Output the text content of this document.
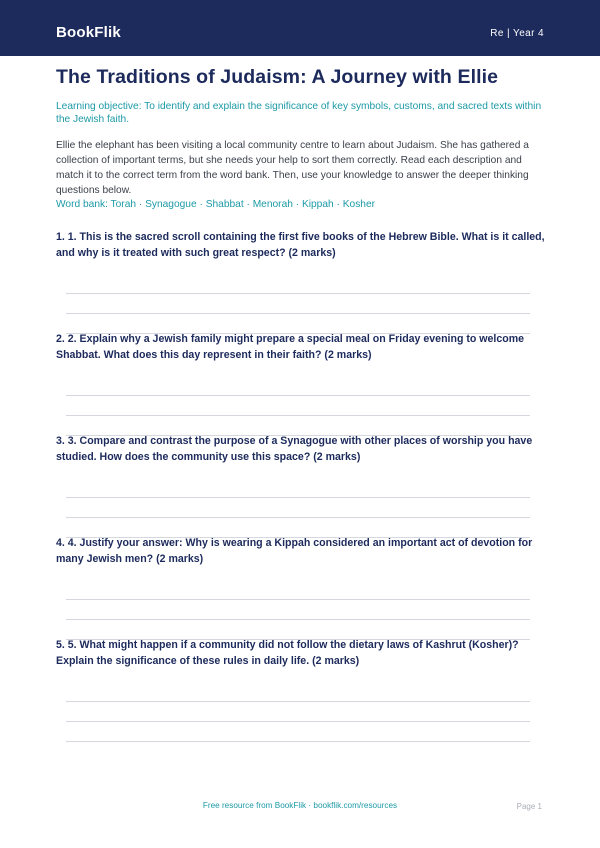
BookFlik	Re | Year 4
The Traditions of Judaism: A Journey with Ellie
Learning objective: To identify and explain the significance of key symbols, customs, and sacred texts within the Jewish faith.
Ellie the elephant has been visiting a local community centre to learn about Judaism. She has gathered a collection of important terms, but she needs your help to sort them correctly. Read each description and match it to the correct term from the word bank. Then, use your knowledge to answer the deeper thinking questions below.
Word bank: Torah · Synagogue · Shabbat · Menorah · Kippah · Kosher
1. 1. This is the sacred scroll containing the first five books of the Hebrew Bible. What is it called, and why is it treated with such great respect? (2 marks)
2. 2. Explain why a Jewish family might prepare a special meal on Friday evening to welcome Shabbat. What does this day represent in their faith? (2 marks)
3. 3. Compare and contrast the purpose of a Synagogue with other places of worship you have studied. How does the community use this space? (2 marks)
4. 4. Justify your answer: Why is wearing a Kippah considered an important act of devotion for many Jewish men? (2 marks)
5. 5. What might happen if a community did not follow the dietary laws of Kashrut (Kosher)? Explain the significance of these rules in daily life. (2 marks)
Free resource from BookFlik · bookflik.com/resources	Page 1
